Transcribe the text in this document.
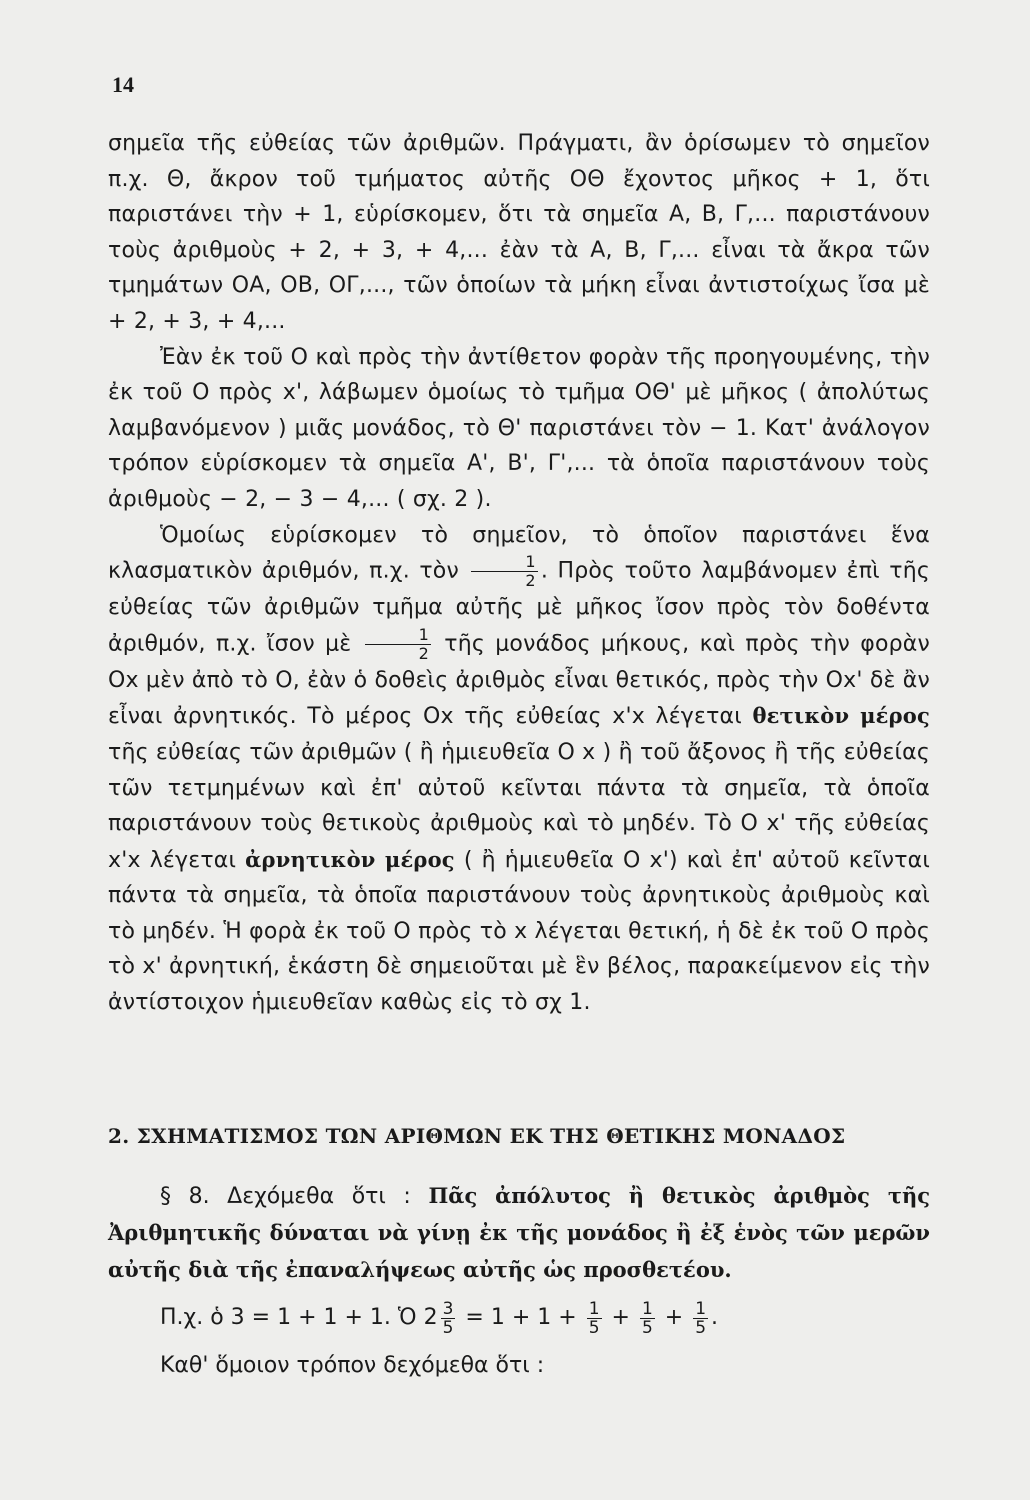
14

σημεῖα τῆς εὐθείας τῶν ἀριθμῶν. Πράγματι, ἂν ὁρίσωμεν τὸ σημεῖον π.χ. Θ, ἄκρον τοῦ τμήματος αὐτῆς ΟΘ ἔχοντος μῆκος + 1, ὅτι παριστάνει τὴν + 1, εὑρίσκομεν, ὅτι τὰ σημεῖα Α, Β, Γ,... παριστάνουν τοὺς ἀριθμοὺς + 2, + 3, + 4,... ἐὰν τὰ Α, Β, Γ,... εἶναι τὰ ἄκρα τῶν τμημάτων ΟΑ, ΟΒ, ΟΓ,..., τῶν ὁποίων τὰ μήκη εἶναι ἀντιστοίχως ἴσα μὲ + 2, + 3, + 4,...

Ἐὰν ἐκ τοῦ Ο καὶ πρὸς τὴν ἀντίθετον φορὰν τῆς προηγουμένης, τὴν ἐκ τοῦ Ο πρὸς x', λάβωμεν ὁμοίως τὸ τμῆμα ΟΘ' μὲ μῆκος ( ἀπολύτως λαμβανόμενον ) μιᾶς μονάδος, τὸ Θ' παριστάνει τὸν − 1. Κατ' ἀνάλογον τρόπον εὑρίσκομεν τὰ σημεῖα Α', Β', Γ',... τὰ ὁποῖα παριστάνουν τοὺς ἀριθμοὺς − 2, − 3 − 4,... ( σχ. 2 ).

Ὁμοίως εὑρίσκομεν τὸ σημεῖον, τὸ ὁποῖον παριστάνει ἕνα κλασματικὸν ἀριθμόν, π.χ. τὸν $\frac{1}{2}$ . Πρὸς τοῦτο λαμβάνομεν ἐπὶ τῆς εὐθείας τῶν ἀριθμῶν τμῆμα αὐτῆς μὲ μῆκος ἴσον πρὸς τὸν δοθέντα ἀριθμόν, π.χ. ἴσον μὲ $\frac{1}{2}$ τῆς μονάδος μήκους, καὶ πρὸς τὴν φορὰν Ox μὲν ἀπὸ τὸ Ο, ἐὰν ὁ δοθεὶς ἀριθμὸς εἶναι θετικός, πρὸς τὴν Ox' δὲ ἂν εἶναι ἀρνητικός. Τὸ μέρος Ox τῆς εὐθείας x'x λέγεται θετικὸν μέρος τῆς εὐθείας τῶν ἀριθμῶν ( ἢ ἡμιευθεῖα Ο x ) ἢ τοῦ ἄξονος ἢ τῆς εὐθείας τῶν τετμημένων καὶ ἐπ' αὐτοῦ κεῖνται πάντα τὰ σημεῖα, τὰ ὁποῖα παριστάνουν τοὺς θετικοὺς ἀριθμοὺς καὶ τὸ μηδέν. Τὸ Ο x' τῆς εὐθείας x'x λέγεται ἀρνητικὸν μέρος ( ἢ ἡμιευθεῖα Ο x') καὶ ἐπ' αὐτοῦ κεῖνται πάντα τὰ σημεῖα, τὰ ὁποῖα παριστάνουν τοὺς ἀρνητικοὺς ἀριθμοὺς καὶ τὸ μηδέν. Ἡ φορὰ ἐκ τοῦ Ο πρὸς τὸ x λέγεται θετική, ἡ δὲ ἐκ τοῦ Ο πρὸς τὸ x' ἀρνητική, ἑκάστη δὲ σημειοῦται μὲ ἓν βέλος, παρακείμενον εἰς τὴν ἀντίστοιχον ἡμιευθεῖαν καθὼς εἰς τὸ σχ 1.

2. ΣΧΗΜΑΤΙΣΜΟΣ ΤΩΝ ΑΡΙΘΜΩΝ ΕΚ ΤΗΣ ΘΕΤΙΚΗΣ ΜΟΝΑΔΟΣ

§ 8. Δεχόμεθα ὅτι : Πᾶς ἀπόλυτος ἢ θετικὸς ἀριθμὸς τῆς Ἀριθμητικῆς δύναται νὰ γίνῃ ἐκ τῆς μονάδος ἢ ἐξ ἑνὸς τῶν μερῶν αὐτῆς διὰ τῆς ἐπαναλήψεως αὐτῆς ὡς προσθετέου.

Π.χ. ὁ 3 = 1 + 1 + 1. Ὁ $2 \frac{3}{5} = 1 + 1 + \frac{1}{5} + \frac{1}{5} + \frac{1}{5}$ .
Καθ' ὅμοιον τρόπον δεχόμεθα ὅτι :
